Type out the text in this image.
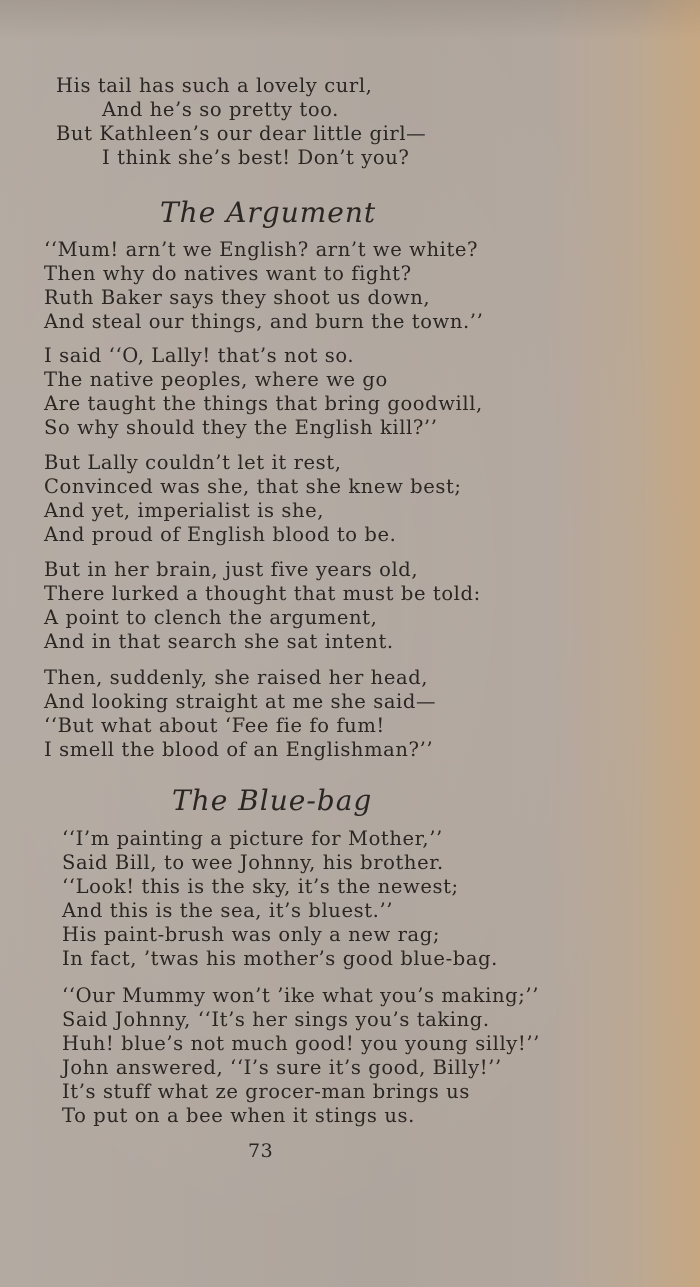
His tail has such a lovely curl,
And he’s so pretty too.
But Kathleen’s our dear little girl—
I think she’s best! Don’t you?
The Argument
‘‘Mum! arn’t we English? arn’t we white?
Then why do natives want to fight?
Ruth Baker says they shoot us down,
And steal our things, and burn the town.’’
I said ‘‘O, Lally! that’s not so.
The native peoples, where we go
Are taught the things that bring goodwill,
So why should they the English kill?’’
But Lally couldn’t let it rest,
Convinced was she, that she knew best;
And yet, imperialist is she,
And proud of English blood to be.
But in her brain, just five years old,
There lurked a thought that must be told:
A point to clench the argument,
And in that search she sat intent.
Then, suddenly, she raised her head,
And looking straight at me she said—
‘‘But what about ‘Fee fie fo fum!
I smell the blood of an Englishman?’’
The Blue-bag
‘‘I’m painting a picture for Mother,’’
Said Bill, to wee Johnny, his brother.
‘‘Look! this is the sky, it’s the newest;
And this is the sea, it’s bluest.’’
His paint-brush was only a new rag;
In fact, ’twas his mother’s good blue-bag.
‘‘Our Mummy won’t ’ike what you’s making;’’
Said Johnny, ‘‘It’s her sings you’s taking.
Huh! blue’s not much good! you young silly!’’
John answered, ‘‘I’s sure it’s good, Billy!’’
It’s stuff what ze grocer-man brings us
To put on a bee when it stings us.
73
